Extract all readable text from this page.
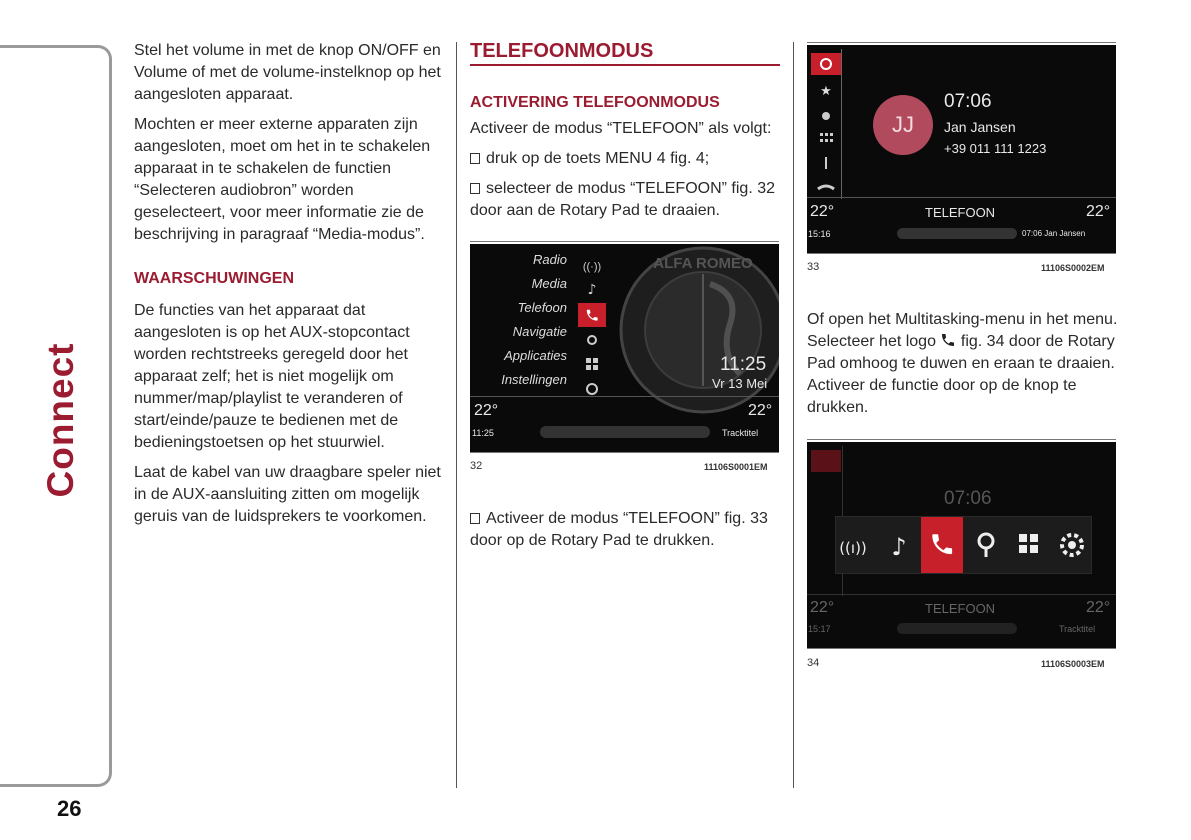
Connect
26

Stel het volume in met de knop ON/OFF en Volume of met de volume-instelknop op het aangesloten apparaat.

Mochten er meer externe apparaten zijn aangesloten, moet om het in te schakelen apparaat in te schakelen de functien “Selecteren audiobron” worden geselecteert, voor meer informatie zie de beschrijving in paragraaf “Media-modus”.

WAARSCHUWINGEN

De functies van het apparaat dat aangesloten is op het AUX-stopcontact worden rechtstreeks geregeld door het apparaat zelf; het is niet mogelijk om nummer/map/playlist te veranderen of start/einde/pauze te bedienen met de bedieningstoetsen op het stuurwiel.

Laat de kabel van uw draagbare speler niet in de AUX-aansluiting zitten om mogelijk geruis van de luidsprekers te voorkomen.

TELEFOONMODUS
ACTIVERING TELEFOONMODUS

Activeer de modus “TELEFOON” als volgt:

druk op de toets MENU 4 fig. 4;

selecteer de modus “TELEFOON” fig. 32 door aan de Rotary Pad te draaien.

Activeer de modus “TELEFOON” fig. 33 door op de Rotary Pad te drukken.

Of open het Multitasking-menu in het menu. Selecteer het logo fig. 34 door de Rotary Pad omhoog te duwen en eraan te draaien. Activeer de functie door op de knop te drukken.

ALFA ROMEO
Radio
Media
Telefoon
Navigatie
Applicaties
Instellingen
((·))
♪
11:25
Vr 13 Mei
22°	22°
11:25	Tracktitel
32	11106S0001EM
★
JJ
07:06
Jan Jansen
+39 011 111 1223
22°	TELEFOON	22°
15:16	07:06 Jan Jansen
33	11106S0002EM
07:06
((ı)) ♪
22°	TELEFOON	22°
15:17	Tracktitel
34	11106S0003EM
